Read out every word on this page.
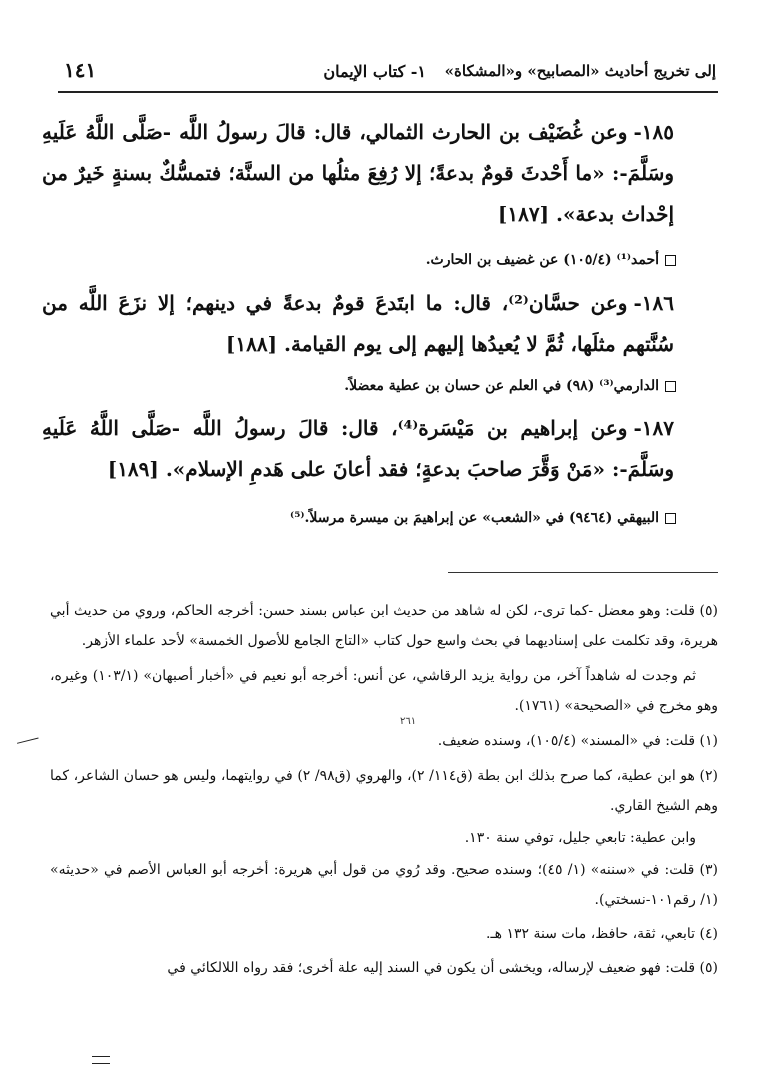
إلى تخريج أحاديث «المصابيح» و«المشكاة»
١- كتاب الإيمان
١٤١
١٨٥-وعن غُضَيْف بن الحارث الثمالي، قال: قالَ رسولُ اللَّه -صَلَّى اللَّهُ عَلَيهِ وسَلَّمَ-: «ما أَحْدثَ قومٌ بدعةً؛ إلا رُفِعَ مثلُها من السنَّة؛ فتمسُّكٌ بسنةٍ خَيرٌ من إحْداث بدعة». [١٨٧]
أحمد⁽¹⁾ (١٠٥/٤) عن غضيف بن الحارث.
١٨٦-وعن حسَّان⁽²⁾، قال: ما ابتَدعَ قومٌ بدعةً في دينهم؛ إلا نزَعَ اللَّه من سُنَّتهم مثلَها، ثُمَّ لا يُعيدُها إليهم إلى يوم القيامة. [١٨٨]
الدارمي⁽³⁾ (٩٨) في العلم عن حسان بن عطية معضلاً.
١٨٧-وعن إبراهيم بن مَيْسَرة⁽⁴⁾، قال: قالَ رسولُ اللَّه -صَلَّى اللَّهُ عَلَيهِ وسَلَّمَ-: «مَنْ وَقَّرَ صاحبَ بدعةٍ؛ فقد أعانَ على هَدمِ الإسلام». [١٨٩]
البيهقي (٩٤٦٤) في «الشعب» عن إبراهيمَ بن ميسرة مرسلاً.⁽⁵⁾

(٥) قلت: وهو معضل -كما ترى-، لكن له شاهد من حديث ابن عباس بسند حسن: أخرجه الحاكم، وروي من حديث أبي هريرة، وقد تكلمت على إسناديهما في بحث واسع حول كتاب «التاج الجامع للأصول الخمسة» لأحد علماء الأزهر.

ثم وجدت له شاهداً آخر، من رواية يزيد الرقاشي، عن أنس: أخرجه أبو نعيم في «أخبار أصبهان» (١٠٣/١) وغيره، وهو مخرج في «الصحيحة» (١٧٦١).

(١) قلت: في «المسند» (١٠٥/٤)، وسنده ضعيف.

(٢) هو ابن عطية، كما صرح بذلك ابن بطة (ق١١٤/ ٢)، والهروي (ق٩٨/ ٢) في روايتهما، وليس هو حسان الشاعر، كما وهم الشيخ القاري.

وابن عطية: تابعي جليل، توفي سنة ١٣٠.

(٣) قلت: في «سننه» (١/ ٤٥)؛ وسنده صحيح. وقد رُوي من قول أبي هريرة: أخرجه أبو العباس الأصم في «حديثه» (١/ رقم١٠١-نسختي).

(٤) تابعي، ثقة، حافظ، مات سنة ١٣٢ هـ.

(٥) قلت: فهو ضعيف لإرساله، ويخشى أن يكون في السند إليه علة أخرى؛ فقد رواه اللالكائي في

٢٦١
